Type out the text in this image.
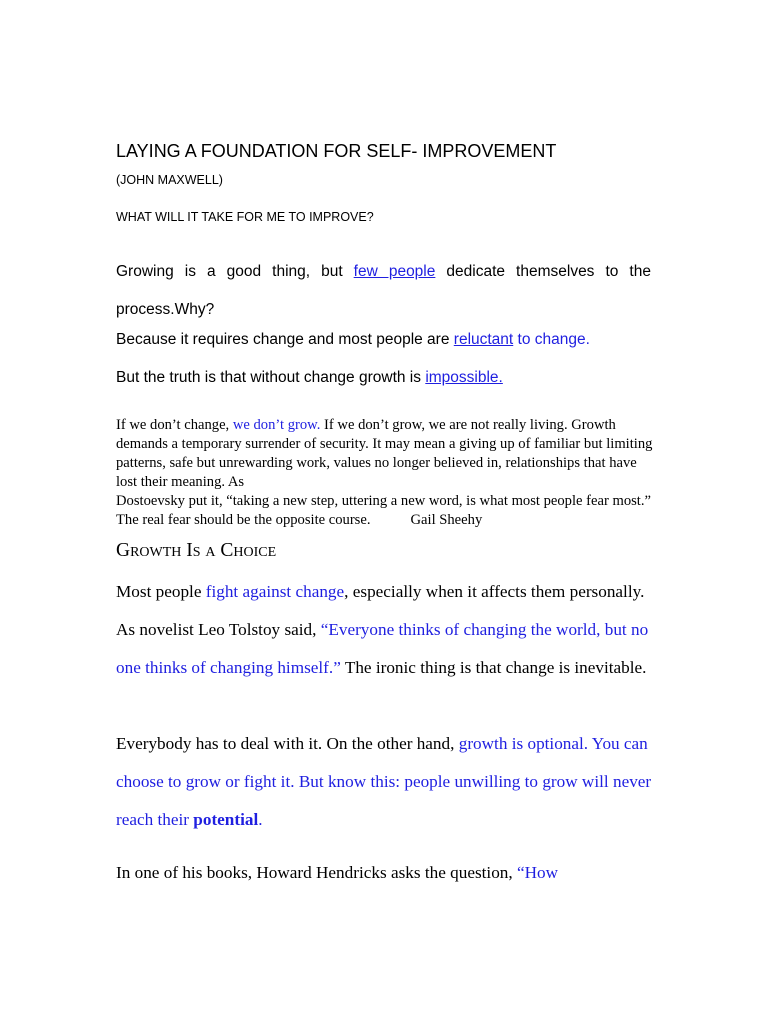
LAYING A FOUNDATION FOR SELF- IMPROVEMENT

(JOHN MAXWELL)

WHAT WILL IT TAKE FOR ME TO IMPROVE?

Growing is a good thing, but few people dedicate themselves to the process.Why?

Because it requires change and most people are reluctant to change.

But the truth is that without change growth is impossible.

If we don’t change, we don’t grow. If we don’t grow, we are not really living. Growth demands a temporary surrender of security. It may mean a giving up of familiar but limiting patterns, safe but unrewarding work, values no longer believed in, relationships that have lost their meaning. As
Dostoevsky put it, “taking a new step, uttering a new word, is what most people fear most.” The real fear should be the opposite course.	Gail Sheehy

Growth Is a Choice

Most people fight against change, especially when it affects them personally. As novelist Leo Tolstoy said, “Everyone thinks of changing the world, but no one thinks of changing himself.” The ironic thing is that change is inevitable.

Everybody has to deal with it. On the other hand, growth is optional. You can choose to grow or fight it. But know this: people unwilling to grow will never reach their potential.

In one of his books, Howard Hendricks asks the question, “How
